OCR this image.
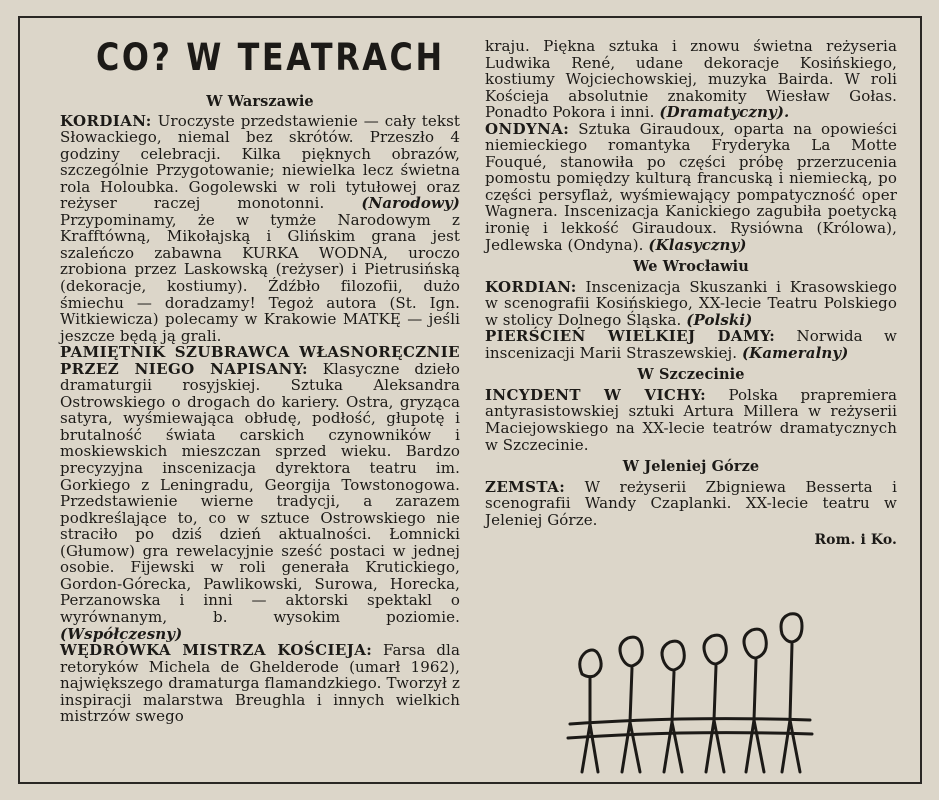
CO? W TEATRACH
W Warszawie

KORDIAN: Uroczyste przedstawienie — cały tekst Słowackiego, niemal bez skrótów. Przeszło 4 godziny celebracji. Kilka pięknych obrazów, szczególnie Przygotowanie; niewielka lecz świetna rola Holoubka. Gogolewski w roli tytułowej oraz reżyser raczej monotonni. (Narodowy) Przypominamy, że w tymże Narodowym z Krafftówną, Mikołajską i Glińskim grana jest szaleńczo zabawna KURKA WODNA, uroczo zrobiona przez Laskowską (reżyser) i Pietrusińską (dekoracje, kostiumy). Źdźbło filozofii, dużo śmiechu — doradzamy! Tegoż autora (St. Ign. Witkiewicza) polecamy w Krakowie MATKĘ — jeśli jeszcze będą ją grali.

PAMIĘTNIK SZUBRAWCA WŁASNORĘCZNIE PRZEZ NIEGO NAPISANY: Klasyczne dzieło dramaturgii rosyjskiej. Sztuka Aleksandra Ostrowskiego o drogach do kariery. Ostra, gryząca satyra, wyśmiewająca obłudę, podłość, głupotę i brutalność świata carskich czynowników i moskiewskich mieszczan sprzed wieku. Bardzo precyzyjna inscenizacja dyrektora teatru im. Gorkiego z Leningradu, Georgija Towstonogowa. Przedstawienie wierne tradycji, a zarazem podkreślające to, co w sztuce Ostrowskiego nie straciło po dziś dzień aktualności. Łomnicki (Głumow) gra rewelacyjnie sześć postaci w jednej osobie. Fijewski w roli generała Krutickiego, Gordon-Górecka, Pawlikowski, Surowa, Horecka, Perzanowska i inni — aktorski spektakl o wyrównanym, b. wysokim poziomie. (Współczesny)

WĘDRÓWKA MISTRZA KOŚCIEJA: Farsa dla retoryków Michela de Ghelderode (umarł 1962), największego dramaturga flamandzkiego. Tworzył z inspiracji malarstwa Breughla i innych wielkich mistrzów swego

kraju. Piękna sztuka i znowu świetna reżyseria Ludwika René, udane dekoracje Kosińskiego, kostiumy Wojciechowskiej, muzyka Bairda. W roli Kościeja absolutnie znakomity Wiesław Gołas. Ponadto Pokora i inni. (Dramatyczny).

ONDYNA: Sztuka Giraudoux, oparta na opowieści niemieckiego romantyka Fryderyka La Motte Fouqué, stanowiła po części próbę przerzucenia pomostu pomiędzy kulturą francuską i niemiecką, po części persyflaż, wyśmiewający pompatyczność oper Wagnera. Inscenizacja Kanickiego zagubiła poetycką ironię i lekkość Giraudoux. Rysiówna (Królowa), Jedlewska (Ondyna). (Klasyczny)

We Wrocławiu

KORDIAN: Inscenizacja Skuszanki i Krasowskiego w scenografii Kosińskiego, XX-lecie Teatru Polskiego w stolicy Dolnego Śląska. (Polski)

PIERŚCIEŃ WIELKIEJ DAMY: Norwida w inscenizacji Marii Straszewskiej. (Kameralny)

W Szczecinie

INCYDENT W VICHY: Polska prapremiera antyrasistowskiej sztuki Artura Millera w reżyserii Maciejowskiego na XX-lecie teatrów dramatycznych w Szczecinie.

W Jeleniej Górze

ZEMSTA: W reżyserii Zbigniewa Besserta i scenografii Wandy Czaplanki. XX-lecie teatru w Jeleniej Górze.

Rom. i Ko.
